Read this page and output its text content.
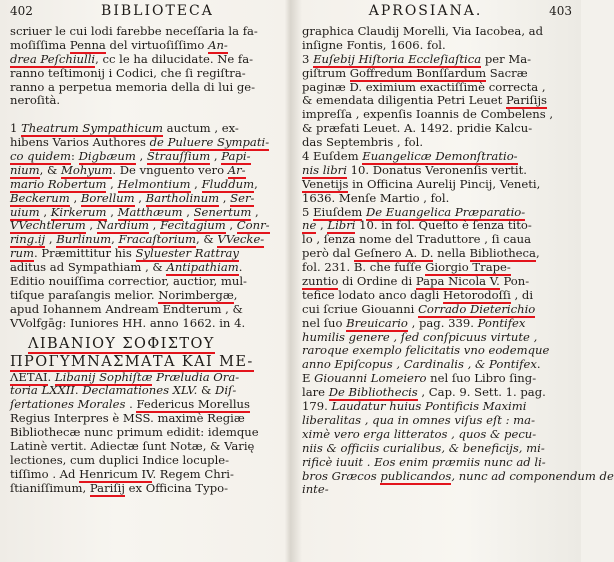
402	BIBLIOTECA
scriuer le cui lodi farebbe neceſſaria la fa-
moſiſſima Penna del virtuoſiſſimo An-
drea Peſchiulli, cc le ha dilucidate. Ne fa-
ranno teſtimonij i Codici, che ſi regiſtra-
ranno a perpetua memoria della di lui ge-
neroſità.
1 Theatrum Sympathicum auctum , ex-
hibens Varios Authores de Puluere Sympati-
co quidem: Digbæum , Strauſſium , Papi-
nium, & Mohyum. De vnguento vero Ar-
mario Robertum , Helmontium , Fluddum,
Beckerum , Borellum , Bartholinum , Ser-
uium , Kirkerum , Matthæum , Senertum ,
VVechtlerum , Nardium , Fecitagium , Conr-
ring.ij , Burlinum, Fracaſtorium, & VVecke-
rum. Præmittitur his Syluester Rattray
aditus ad Sympathiam , & Antipathiam.
Editio nouiſſima correctior, auctior, mul-
tiſque paraſangis melior. Norimbergæ,
apud Iohannem Andream Endterum , &
VVolfgāg: Iuniores HH. anno 1662. in 4.
ΛΙΒΑΝΙΟΥ ΣΟΦΙΣΤΟΥ
ΠΡΟΓΥΜΝΑΣΜΑΤΑ ΚΑΙ ΜΕ-
ΛΕΤΑΙ. Libanij Sophiſtæ Præludia Ora-
toria LXXII. Declamationes XLV. & Diſ-
ſertationes Morales . Federicus Morellus
Regius Interpres è MSS. maximè Regiæ
Bibliothecæ nunc primum edidit: idemque
Latinè vertit. Adiectæ ſunt Notæ, & Varię
lectiones, cum duplici Indice locuple-
tiſſimo . Ad Henricum IV. Regem Chri-
ſtianiſſimum, Pariſij ex Officina Typo-
APROSIANA.	403
graphica Claudij Morelli, Via Iacobea, ad
inſigne Fontis, 1606. fol.
3 Euſebij Hiſtoria Eccleſiaſtica per Ma-
giſtrum Goffredum Bonſſardum Sacræ
paginæ D. eximium exactiſſimè correcta ,
& emendata diligentia Petri Leuet Pariſijs
impreſſa , expenſis Ioannis de Combelens ,
& præfati Leuet. A. 1492. pridie Kalcu-
das Septembris , fol.
4 Euſdem Euangelicæ Demonſtratio-
nis libri 10. Donatus Veronenſis vertit.
Venetijs in Officina Aurelij Pincij, Veneti,
1636. Menſe Martio , fol.
5 Eiuſdem De Euangelica Præparatio-
ne , Libri 10. in fol. Queſto è ſenza tito-
lo , ſenza nome del Traduttore , ſi caua
però dal Geſnero A. D. nella Bibliotheca,
fol. 231. B. che fuſſe Giorgio Trape-
zuntio di Ordine di Papa Nicola V. Pon-
tefice lodato anco dagli Hetorodoſſi , di
cui ſcriue Giouanni Corrado Dieterichio
nel ſuo Breuicario , pag. 339. Pontifex
humilis genere , ſed conſpicuus virtute ,
raroque exemplo felicitatis vno eodemque
anno Epiſcopus , Cardinalis , & Pontifex.
E Giouanni Lomeiero nel ſuo Libro ſing-
lare De Bibliothecis , Cap. 9. Sett. 1. pag.
179. Laudatur huius Pontificis Maximi
liberalitas , qua in omnes viſus eſt : ma-
ximè vero erga litteratos , quos & pecu-
niis & officiis curialibus, & beneficijs, mi-
rificè iuuit . Eos enim præmiis nunc ad li-
bros Græcos publicandos, nunc ad componendum de
inte-
